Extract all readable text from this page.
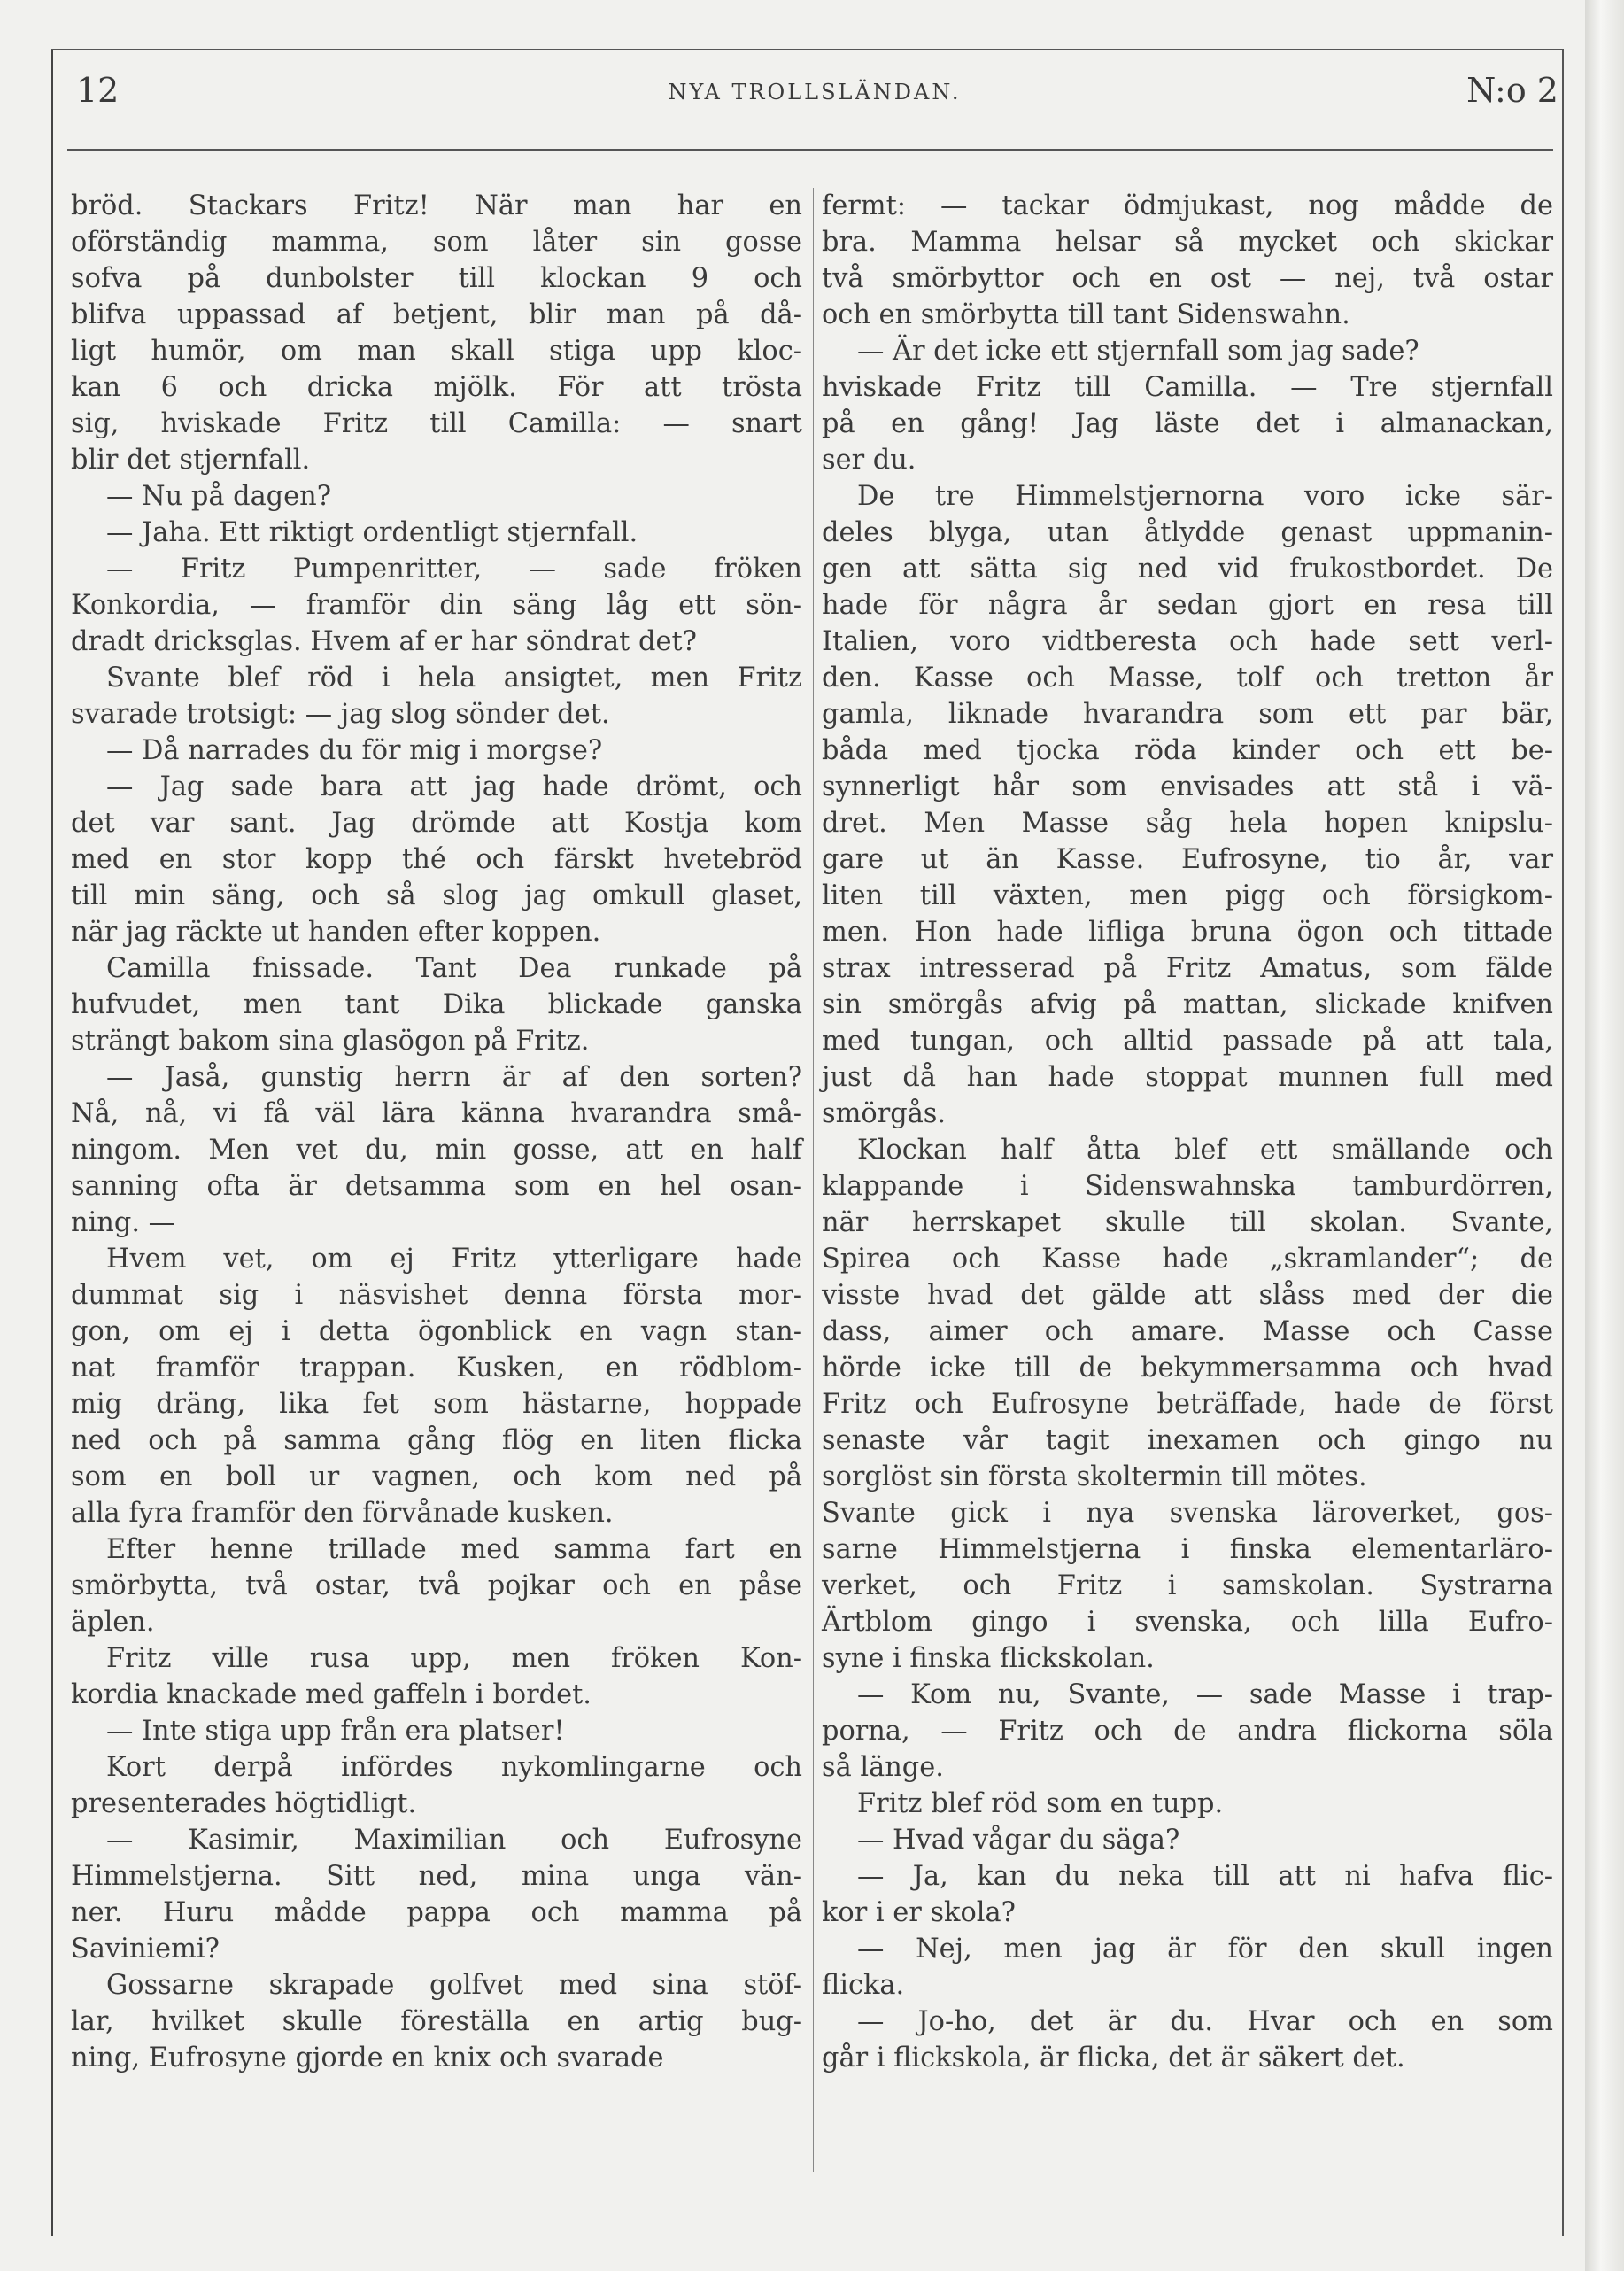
12	NYA TROLLSLÄNDAN.	N:o 2
bröd. Stackars Fritz! När man har en
oförständig mamma, som låter sin gosse
sofva på dunbolster till klockan 9 och
blifva uppassad af betjent, blir man på då-
ligt humör, om man skall stiga upp kloc-
kan 6 och dricka mjölk. För att trösta
sig, hviskade Fritz till Camilla: — snart
blir det stjernfall.
— Nu på dagen?
— Jaha. Ett riktigt ordentligt stjernfall.
— Fritz Pumpenritter, — sade fröken
Konkordia, — framför din säng låg ett sön-
dradt dricksglas. Hvem af er har söndrat det?
Svante blef röd i hela ansigtet, men Fritz
svarade trotsigt: — jag slog sönder det.
— Då narrades du för mig i morgse?
— Jag sade bara att jag hade drömt, och
det var sant. Jag drömde att Kostja kom
med en stor kopp thé och färskt hvetebröd
till min säng, och så slog jag omkull glaset,
när jag räckte ut handen efter koppen.
Camilla fnissade. Tant Dea runkade på
hufvudet, men tant Dika blickade ganska
strängt bakom sina glasögon på Fritz.
— Jaså, gunstig herrn är af den sorten?
Nå, nå, vi få väl lära känna hvarandra små-
ningom. Men vet du, min gosse, att en half
sanning ofta är detsamma som en hel osan-
ning. —
Hvem vet, om ej Fritz ytterligare hade
dummat sig i näsvishet denna första mor-
gon, om ej i detta ögonblick en vagn stan-
nat framför trappan. Kusken, en rödblom-
mig dräng, lika fet som hästarne, hoppade
ned och på samma gång flög en liten flicka
som en boll ur vagnen, och kom ned på
alla fyra framför den förvånade kusken.
Efter henne trillade med samma fart en
smörbytta, två ostar, två pojkar och en påse
äplen.
Fritz ville rusa upp, men fröken Kon-
kordia knackade med gaffeln i bordet.
— Inte stiga upp från era platser!
Kort derpå infördes nykomlingarne och
presenterades högtidligt.
— Kasimir, Maximilian och Eufrosyne
Himmelstjerna. Sitt ned, mina unga vän-
ner. Huru mådde pappa och mamma på
Saviniemi?
Gossarne skrapade golfvet med sina stöf-
lar, hvilket skulle föreställa en artig bug-
ning, Eufrosyne gjorde en knix och svarade
fermt: — tackar ödmjukast, nog mådde de
bra. Mamma helsar så mycket och skickar
två smörbyttor och en ost — nej, två ostar
och en smörbytta till tant Sidenswahn.
— Är det icke ett stjernfall som jag sade?
hviskade Fritz till Camilla. — Tre stjernfall
på en gång! Jag läste det i almanackan,
ser du.
De tre Himmelstjernorna voro icke sär-
deles blyga, utan åtlydde genast uppmanin-
gen att sätta sig ned vid frukostbordet. De
hade för några år sedan gjort en resa till
Italien, voro vidtberesta och hade sett verl-
den. Kasse och Masse, tolf och tretton år
gamla, liknade hvarandra som ett par bär,
båda med tjocka röda kinder och ett be-
synnerligt hår som envisades att stå i vä-
dret. Men Masse såg hela hopen knipslu-
gare ut än Kasse. Eufrosyne, tio år, var
liten till växten, men pigg och försigkom-
men. Hon hade lifliga bruna ögon och tittade
strax intresserad på Fritz Amatus, som fälde
sin smörgås afvig på mattan, slickade knifven
med tungan, och alltid passade på att tala,
just då han hade stoppat munnen full med
smörgås.
Klockan half åtta blef ett smällande och
klappande i Sidenswahnska tamburdörren,
när herrskapet skulle till skolan. Svante,
Spirea och Kasse hade „skramlander“; de
visste hvad det gälde att slåss med der die
dass, aimer och amare. Masse och Casse
hörde icke till de bekymmersamma och hvad
Fritz och Eufrosyne beträffade, hade de först
senaste vår tagit inexamen och gingo nu
sorglöst sin första skoltermin till mötes.
Svante gick i nya svenska läroverket, gos-
sarne Himmelstjerna i finska elementarläro-
verket, och Fritz i samskolan. Systrarna
Ärtblom gingo i svenska, och lilla Eufro-
syne i finska flickskolan.
— Kom nu, Svante, — sade Masse i trap-
porna, — Fritz och de andra flickorna söla
så länge.
Fritz blef röd som en tupp.
— Hvad vågar du säga?
— Ja, kan du neka till att ni hafva flic-
kor i er skola?
— Nej, men jag är för den skull ingen
flicka.
— Jo-ho, det är du. Hvar och en som
går i flickskola, är flicka, det är säkert det.
